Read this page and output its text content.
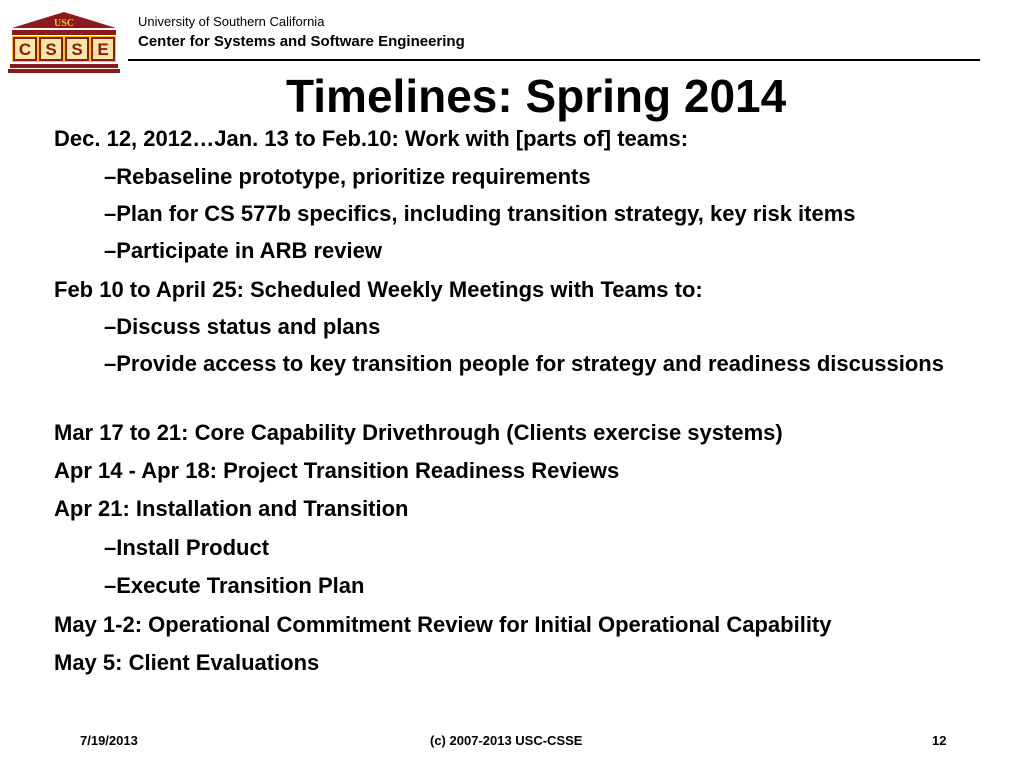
USC
C S S E
University of Southern California
Center for Systems and Software Engineering
Timelines: Spring 2014
Dec. 12, 2012…Jan. 13 to Feb.10: Work with [parts of] teams:
–Rebaseline prototype, prioritize requirements
–Plan for CS 577b specifics, including transition strategy, key risk items
–Participate in ARB review
Feb 10 to April 25: Scheduled Weekly Meetings with Teams to:
–Discuss status and plans
–Provide access to key transition people for strategy and readiness discussions
Mar 17 to 21: Core Capability Drivethrough (Clients exercise systems)
Apr 14 - Apr 18: Project Transition Readiness Reviews
Apr 21: Installation and Transition
–Install Product
–Execute Transition Plan
May 1-2: Operational Commitment Review for Initial Operational Capability
May 5: Client Evaluations
7/19/2013	(c) 2007-2013 USC-CSSE	12
